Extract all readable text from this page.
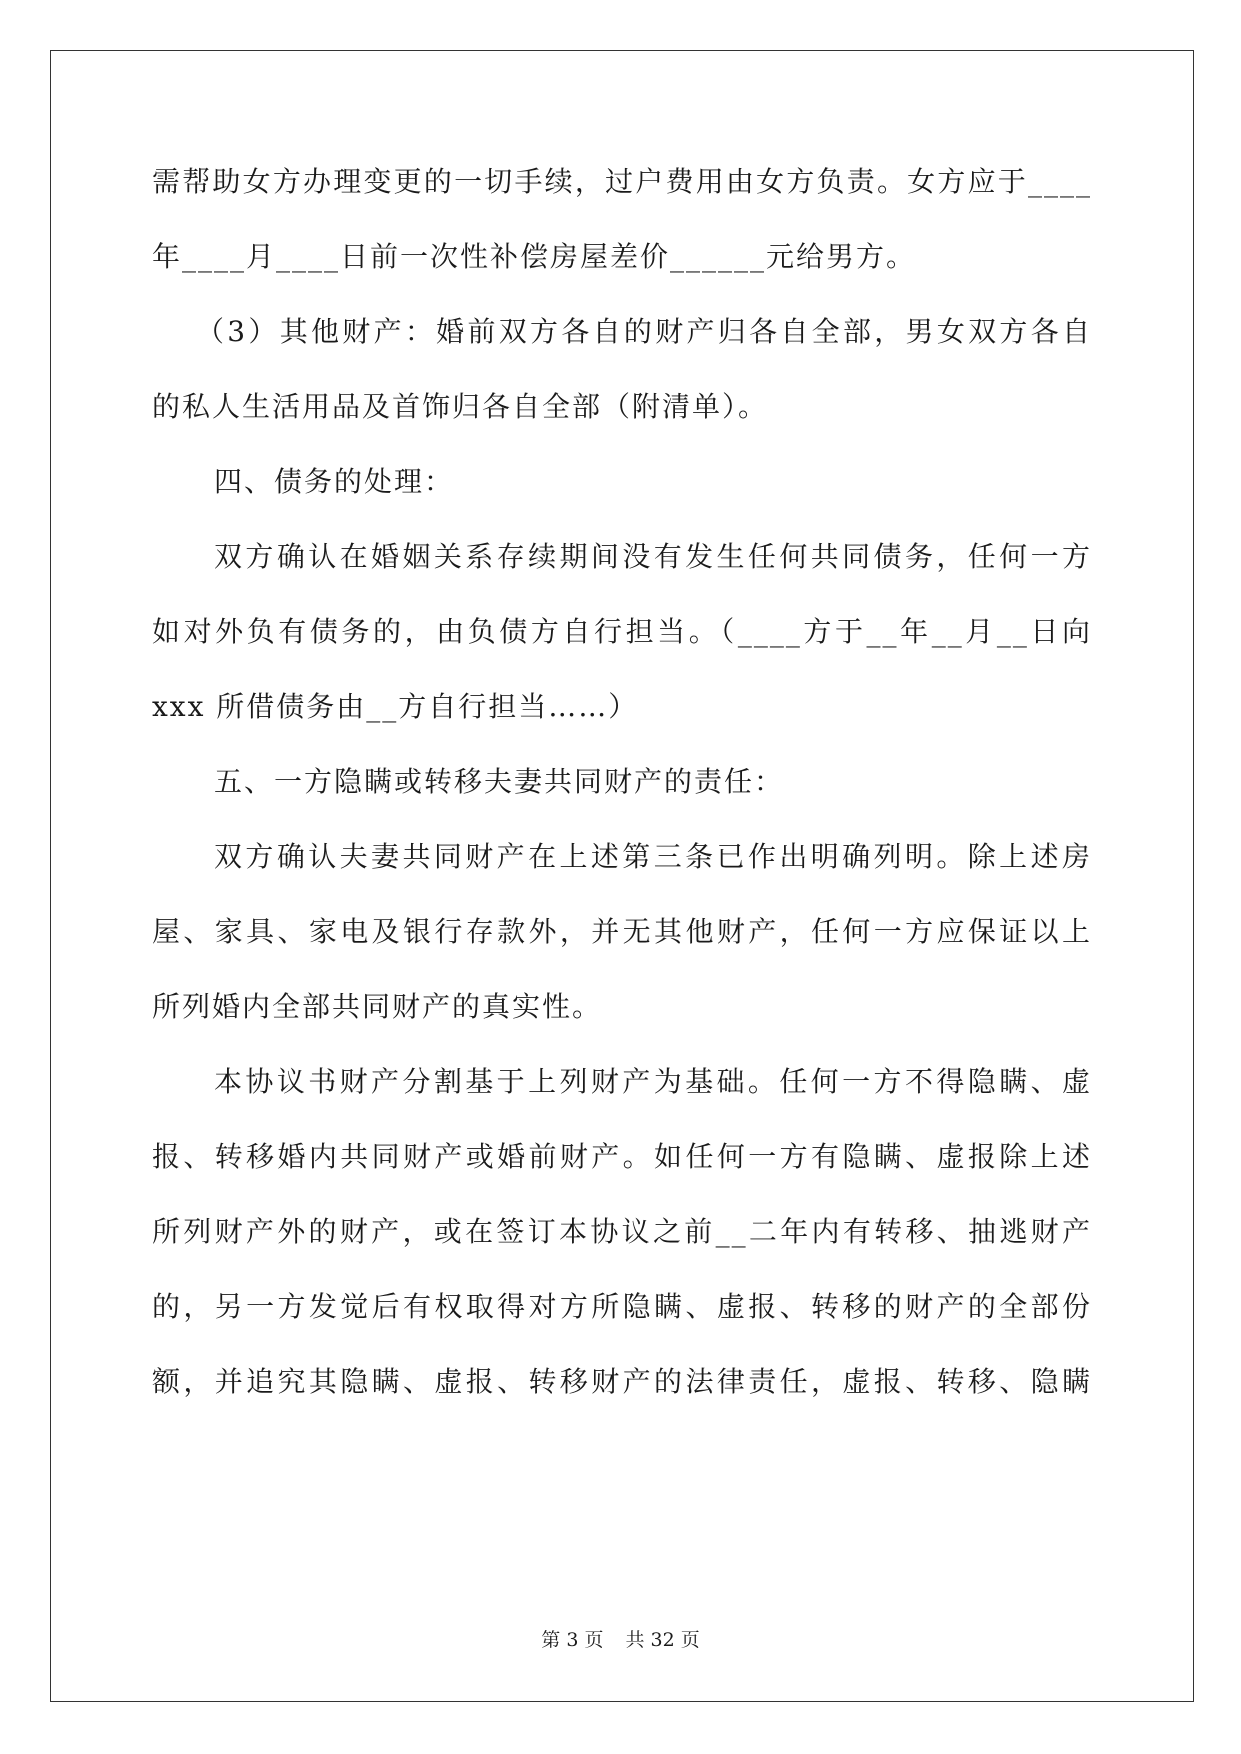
需帮助女方办理变更的一切手续，过户费用由女方负责。女方应于____
年____月____日前一次性补偿房屋差价______元给男方。
（3）其他财产：婚前双方各自的财产归各自全部，男女双方各自
的私人生活用品及首饰归各自全部（附清单）。
四、债务的处理：
双方确认在婚姻关系存续期间没有发生任何共同债务，任何一方
如对外负有债务的，由负债方自行担当。（____方于__年__月__日向
xxx 所借债务由__方自行担当……）
五、一方隐瞒或转移夫妻共同财产的责任：
双方确认夫妻共同财产在上述第三条已作出明确列明。除上述房
屋、家具、家电及银行存款外，并无其他财产，任何一方应保证以上
所列婚内全部共同财产的真实性。
本协议书财产分割基于上列财产为基础。任何一方不得隐瞒、虚
报、转移婚内共同财产或婚前财产。如任何一方有隐瞒、虚报除上述
所列财产外的财产，或在签订本协议之前__二年内有转移、抽逃财产
的，另一方发觉后有权取得对方所隐瞒、虚报、转移的财产的全部份
额，并追究其隐瞒、虚报、转移财产的法律责任，虚报、转移、隐瞒
第 3 页 共 32 页
